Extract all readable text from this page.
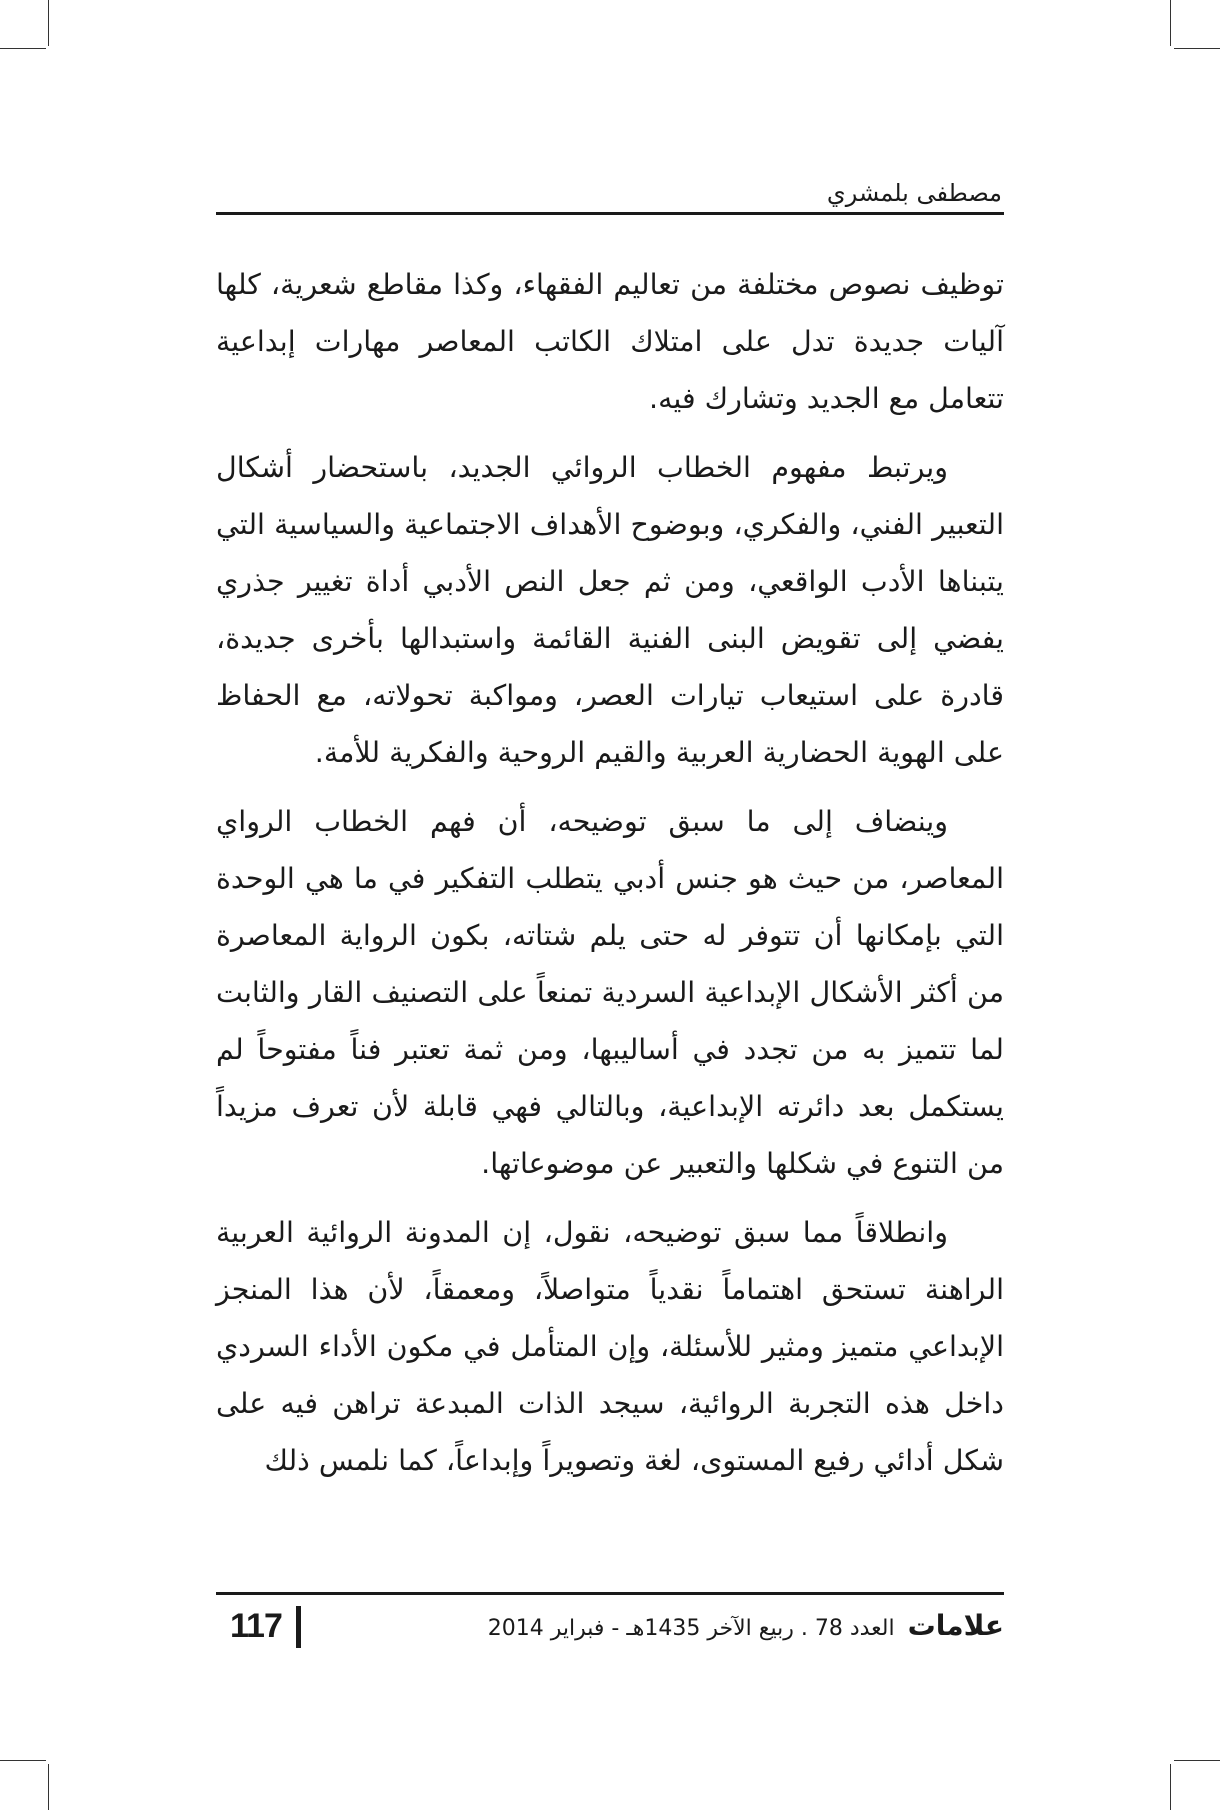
مصطفى بلمشري

توظيف نصوص مختلفة من تعاليم الفقهاء، وكذا مقاطع شعرية، كلها آليات جديدة تدل على امتلاك الكاتب المعاصر مهارات إبداعية تتعامل مع الجديد وتشارك فيه.

ويرتبط مفهوم الخطاب الروائي الجديد، باستحضار أشكال التعبير الفني، والفكري، وبوضوح الأهداف الاجتماعية والسياسية التي يتبناها الأدب الواقعي، ومن ثم جعل النص الأدبي أداة تغيير جذري يفضي إلى تقويض البنى الفنية القائمة واستبدالها بأخرى جديدة، قادرة على استيعاب تيارات العصر، ومواكبة تحولاته، مع الحفاظ على الهوية الحضارية العربية والقيم الروحية والفكرية للأمة.

وينضاف إلى ما سبق توضيحه، أن فهم الخطاب الرواي المعاصر، من حيث هو جنس أدبي يتطلب التفكير في ما هي الوحدة التي بإمكانها أن تتوفر له حتى يلم شتاته، بكون الرواية المعاصرة من أكثر الأشكال الإبداعية السردية تمنعاً على التصنيف القار والثابت لما تتميز به من تجدد في أساليبها، ومن ثمة تعتبر فناً مفتوحاً لم يستكمل بعد دائرته الإبداعية، وبالتالي فهي قابلة لأن تعرف مزيداً من التنوع في شكلها والتعبير عن موضوعاتها.

وانطلاقاً مما سبق توضيحه، نقول، إن المدونة الروائية العربية الراهنة تستحق اهتماماً نقدياً متواصلاً، ومعمقاً، لأن هذا المنجز الإبداعي متميز ومثير للأسئلة، وإن المتأمل في مكون الأداء السردي داخل هذه التجربة الروائية، سيجد الذات المبدعة تراهن فيه على شكل أدائي رفيع المستوى، لغة وتصويراً وإبداعاً، كما نلمس ذلك

117	علامات العدد 78 . ربيع الآخر 1435هـ - فبراير 2014
